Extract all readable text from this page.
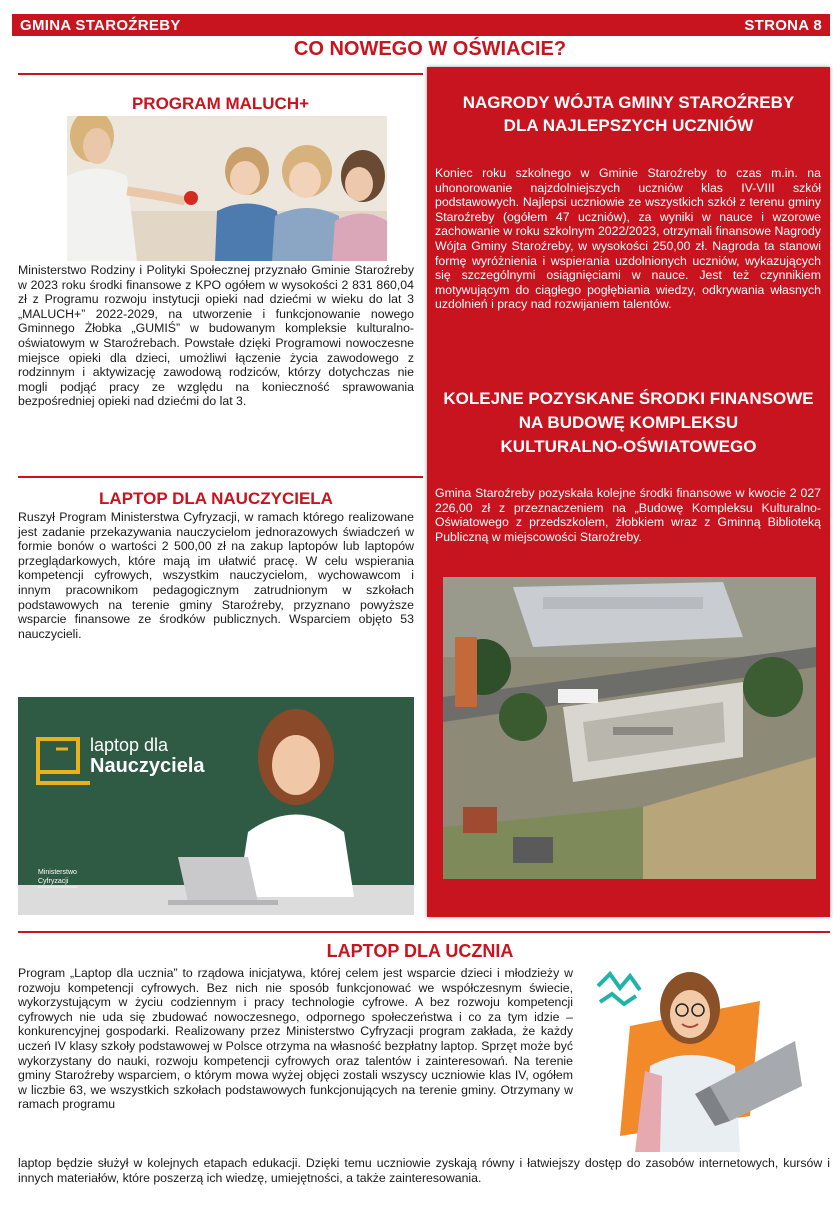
GMINA STAROŹREBY	STRONA 8
CO NOWEGO W OŚWIACIE?
PROGRAM MALUCH+

Ministerstwo Rodziny i Polityki Społecznej przyznało Gminie Staroźreby w 2023 roku środki finansowe z KPO ogółem w wysokości 2 831 860,04 zł z Programu rozwoju instytucji opieki nad dziećmi w wieku do lat 3 „MALUCH+” 2022-2029, na utworzenie i funkcjonowanie nowego Gminnego Żłobka „GUMIŚ” w budowanym kompleksie kulturalno-oświatowym w Staroźrebach. Powstałe dzięki Programowi nowoczesne miejsce opieki dla dzieci, umożliwi łączenie życia zawodowego z rodzinnym i aktywizację zawodową rodziców, którzy dotychczas nie mogli podjąć pracy ze względu na konieczność sprawowania bezpośredniej opieki nad dziećmi do lat 3.

LAPTOP DLA NAUCZYCIELA

Ruszył Program Ministerstwa Cyfryzacji, w ramach którego realizowane jest zadanie przekazywania nauczycielom jednorazowych świadczeń w formie bonów o wartości 2 500,00 zł na zakup laptopów lub laptopów przeglądarkowych, które mają im ułatwić pracę. W celu wspierania kompetencji cyfrowych, wszystkim nauczycielom, wychowawcom i innym pracownikom pedagogicznym zatrudnionym w szkołach podstawowych na terenie gminy Staroźreby, przyznano powyższe wsparcie finansowe ze środków publicznych. Wsparciem objęto 53 nauczycieli.

laptop dla
Nauczyciela
Ministerstwo
Cyfryzacji
NAGRODY WÓJTA GMINY STAROŹREBY
DLA NAJLEPSZYCH UCZNIÓW

Koniec roku szkolnego w Gminie Staroźreby to czas m.in. na uhonorowanie najzdolniejszych uczniów klas IV-VIII szkół podstawowych. Najlepsi uczniowie ze wszystkich szkół z terenu gminy Staroźreby (ogółem 47 uczniów), za wyniki w nauce i wzorowe zachowanie w roku szkolnym 2022/2023, otrzymali finansowe Nagrody Wójta Gminy Staroźreby, w wysokości 250,00 zł. Nagroda ta stanowi formę wyróżnienia i wspierania uzdolnionych uczniów, wykazujących się szczególnymi osiągnięciami w nauce. Jest też czynnikiem motywującym do ciągłego pogłębiania wiedzy, odkrywania własnych uzdolnień i pracy nad rozwijaniem talentów.

KOLEJNE POZYSKANE ŚRODKI FINANSOWE
NA BUDOWĘ KOMPLEKSU
KULTURALNO-OŚWIATOWEGO

Gmina Staroźreby pozyskała kolejne środki finansowe w kwocie 2 027 226,00 zł z przeznaczeniem na „Budowę Kompleksu Kulturalno- Oświatowego z przedszkolem, żłobkiem wraz z Gminną Biblioteką Publiczną w miejscowości Staroźreby.

LAPTOP DLA UCZNIA

Program „Laptop dla ucznia” to rządowa inicjatywa, której celem jest wsparcie dzieci i młodzieży w rozwoju kompetencji cyfrowych. Bez nich nie sposób funkcjonować we współczesnym świecie, wykorzystującym w życiu codziennym i pracy technologie cyfrowe. A bez rozwoju kompetencji cyfrowych nie uda się zbudować nowoczesnego, odpornego społeczeństwa i co za tym idzie – konkurencyjnej gospodarki. Realizowany przez Ministerstwo Cyfryzacji program zakłada, że każdy uczeń IV klasy szkoły podstawowej w Polsce otrzyma na własność bezpłatny laptop. Sprzęt może być wykorzystany do nauki, rozwoju kompetencji cyfrowych oraz talentów i zainteresowań. Na terenie gminy Staroźreby wsparciem, o którym mowa wyżej objęci zostali wszyscy uczniowie klas IV, ogółem w liczbie 63, we wszystkich szkołach podstawowych funkcjonujących na terenie gminy. Otrzymany w ramach programu

laptop będzie służył w kolejnych etapach edukacji. Dzięki temu uczniowie zyskają równy i łatwiejszy dostęp do zasobów internetowych, kursów i innych materiałów, które poszerzą ich wiedzę, umiejętności, a także zainteresowania.
